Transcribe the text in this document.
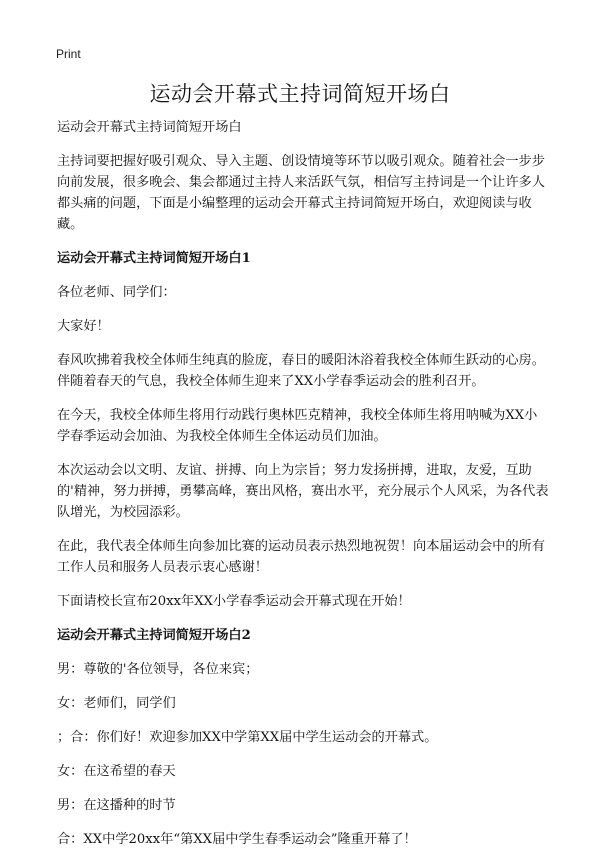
Print
运动会开幕式主持词简短开场白

运动会开幕式主持词简短开场白

主持词要把握好吸引观众、导入主题、创设情境等环节以吸引观众。随着社会一步步向前发展，很多晚会、集会都通过主持人来活跃气氛，相信写主持词是一个让许多人都头痛的问题，下面是小编整理的运动会开幕式主持词简短开场白，欢迎阅读与收藏。

运动会开幕式主持词简短开场白1

各位老师、同学们：

大家好！

春风吹拂着我校全体师生纯真的脸庞，春日的暖阳沐浴着我校全体师生跃动的心房。伴随着春天的气息，我校全体师生迎来了XX小学春季运动会的胜利召开。

在今天，我校全体师生将用行动践行奥林匹克精神，我校全体师生将用呐喊为XX小学春季运动会加油、为我校全体师生全体运动员们加油。

本次运动会以文明、友谊、拼搏、向上为宗旨；努力发扬拼搏，进取，友爱，互助的'精神，努力拼搏，勇攀高峰，赛出风格，赛出水平，充分展示个人风采，为各代表队增光，为校园添彩。

在此，我代表全体师生向参加比赛的运动员表示热烈地祝贺！向本届运动会中的所有工作人员和服务人员表示衷心感谢！

下面请校长宣布20xx年XX小学春季运动会开幕式现在开始！

运动会开幕式主持词简短开场白2

男：尊敬的'各位领导，各位来宾；

女：老师们，同学们

；合：你们好！欢迎参加XX中学第XX届中学生运动会的开幕式。

女：在这希望的春天

男：在这播种的时节

合：XX中学20xx年“第XX届中学生春季运动会”隆重开幕了！
